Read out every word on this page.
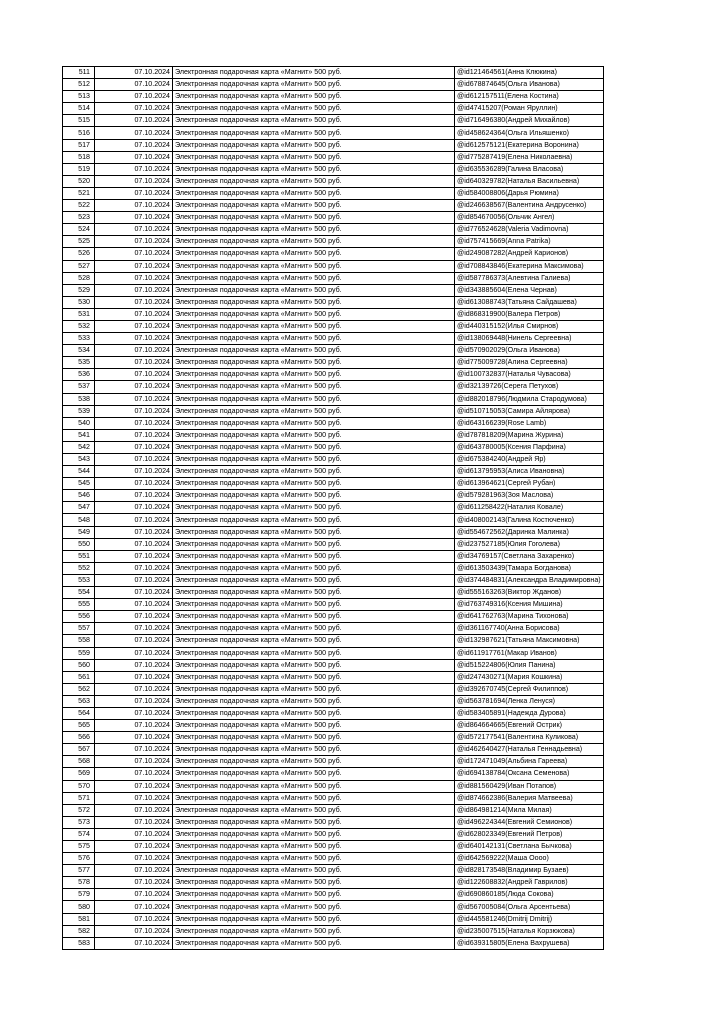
511	07.10.2024	Электронная подарочная карта «Магнит» 500 руб.	@id121464561(Анна Клюкина)
512	07.10.2024	Электронная подарочная карта «Магнит» 500 руб.	@id678874645(Ольга Иванова)
513	07.10.2024	Электронная подарочная карта «Магнит» 500 руб.	@id612157511(Елена Костина)
514	07.10.2024	Электронная подарочная карта «Магнит» 500 руб.	@id47415207(Роман Яруллин)
515	07.10.2024	Электронная подарочная карта «Магнит» 500 руб.	@id716496380(Андрей Михайлов)
516	07.10.2024	Электронная подарочная карта «Магнит» 500 руб.	@id458624364(Ольга Ильяшенко)
517	07.10.2024	Электронная подарочная карта «Магнит» 500 руб.	@id612575121(Екатерина Воронина)
518	07.10.2024	Электронная подарочная карта «Магнит» 500 руб.	@id775287419(Елена Николаевна)
519	07.10.2024	Электронная подарочная карта «Магнит» 500 руб.	@id635536289(Галина Власова)
520	07.10.2024	Электронная подарочная карта «Магнит» 500 руб.	@id640329782(Наталья Васильевна)
521	07.10.2024	Электронная подарочная карта «Магнит» 500 руб.	@id584008806(Дарья Рюмина)
522	07.10.2024	Электронная подарочная карта «Магнит» 500 руб.	@id246638567(Валентина Андрусенко)
523	07.10.2024	Электронная подарочная карта «Магнит» 500 руб.	@id854670056(Ольчик Ангел)
524	07.10.2024	Электронная подарочная карта «Магнит» 500 руб.	@id776524628(Valeria Vadimovna)
525	07.10.2024	Электронная подарочная карта «Магнит» 500 руб.	@id757415669(Anna Patrika)
526	07.10.2024	Электронная подарочная карта «Магнит» 500 руб.	@id249087282(Андрей Карионов)
527	07.10.2024	Электронная подарочная карта «Магнит» 500 руб.	@id708843846(Екатерина Максимова)
528	07.10.2024	Электронная подарочная карта «Магнит» 500 руб.	@id587786373(Алевтина Галиева)
529	07.10.2024	Электронная подарочная карта «Магнит» 500 руб.	@id343885604(Елена Чернав)
530	07.10.2024	Электронная подарочная карта «Магнит» 500 руб.	@id613088743(Татьяна Сайдашева)
531	07.10.2024	Электронная подарочная карта «Магнит» 500 руб.	@id868319900(Валера Петров)
532	07.10.2024	Электронная подарочная карта «Магнит» 500 руб.	@id440315152(Илья Смирнов)
533	07.10.2024	Электронная подарочная карта «Магнит» 500 руб.	@id138069448(Нинель Сергеевна)
534	07.10.2024	Электронная подарочная карта «Магнит» 500 руб.	@id570902029(Ольга Иванова)
535	07.10.2024	Электронная подарочная карта «Магнит» 500 руб.	@id775009728(Алина Сергеевна)
536	07.10.2024	Электронная подарочная карта «Магнит» 500 руб.	@id100732837(Наталья Чувасова)
537	07.10.2024	Электронная подарочная карта «Магнит» 500 руб.	@id32139726(Серега Петухов)
538	07.10.2024	Электронная подарочная карта «Магнит» 500 руб.	@id882018796(Людмила Стародумова)
539	07.10.2024	Электронная подарочная карта «Магнит» 500 руб.	@id510715053(Самира Айлярова)
540	07.10.2024	Электронная подарочная карта «Магнит» 500 руб.	@id643166239(Rose Lamb)
541	07.10.2024	Электронная подарочная карта «Магнит» 500 руб.	@id787818209(Марина Журина)
542	07.10.2024	Электронная подарочная карта «Магнит» 500 руб.	@id643780005(Ксения Парфина)
543	07.10.2024	Электронная подарочная карта «Магнит» 500 руб.	@id675384240(Андрей Яр)
544	07.10.2024	Электронная подарочная карта «Магнит» 500 руб.	@id613795953(Алиса Ивановна)
545	07.10.2024	Электронная подарочная карта «Магнит» 500 руб.	@id613964621(Сергей Рубан)
546	07.10.2024	Электронная подарочная карта «Магнит» 500 руб.	@id579281963(Зоя Маслова)
547	07.10.2024	Электронная подарочная карта «Магнит» 500 руб.	@id611258422(Наталия Ковале)
548	07.10.2024	Электронная подарочная карта «Магнит» 500 руб.	@id408002143(Галина Костюченко)
549	07.10.2024	Электронная подарочная карта «Магнит» 500 руб.	@id554672562(Даринка Малинка)
550	07.10.2024	Электронная подарочная карта «Магнит» 500 руб.	@id237527185(Юлия Гоголева)
551	07.10.2024	Электронная подарочная карта «Магнит» 500 руб.	@id34769157(Светлана Захаренко)
552	07.10.2024	Электронная подарочная карта «Магнит» 500 руб.	@id613503439(Тамара Богданова)
553	07.10.2024	Электронная подарочная карта «Магнит» 500 руб.	@id374484831(Александра Владимировна)
554	07.10.2024	Электронная подарочная карта «Магнит» 500 руб.	@id555163263(Виктор Жданов)
555	07.10.2024	Электронная подарочная карта «Магнит» 500 руб.	@id763749316(Ксения Мишина)
556	07.10.2024	Электронная подарочная карта «Магнит» 500 руб.	@id641762763(Марина Тихонова)
557	07.10.2024	Электронная подарочная карта «Магнит» 500 руб.	@id361167740(Анна Борисова)
558	07.10.2024	Электронная подарочная карта «Магнит» 500 руб.	@id132987621(Татьяна Максимовна)
559	07.10.2024	Электронная подарочная карта «Магнит» 500 руб.	@id611917761(Макар Иванов)
560	07.10.2024	Электронная подарочная карта «Магнит» 500 руб.	@id515224806(Юлия Панина)
561	07.10.2024	Электронная подарочная карта «Магнит» 500 руб.	@id247430271(Мария Кошкина)
562	07.10.2024	Электронная подарочная карта «Магнит» 500 руб.	@id392670745(Сергей Филиппов)
563	07.10.2024	Электронная подарочная карта «Магнит» 500 руб.	@id563781694(Ленка Ленуся)
564	07.10.2024	Электронная подарочная карта «Магнит» 500 руб.	@id583405891(Надежда Дурова)
565	07.10.2024	Электронная подарочная карта «Магнит» 500 руб.	@id864664665(Евгений Острик)
566	07.10.2024	Электронная подарочная карта «Магнит» 500 руб.	@id572177541(Валентина Куликова)
567	07.10.2024	Электронная подарочная карта «Магнит» 500 руб.	@id462640427(Наталья Геннадьевна)
568	07.10.2024	Электронная подарочная карта «Магнит» 500 руб.	@id172471049(Альбина Гареева)
569	07.10.2024	Электронная подарочная карта «Магнит» 500 руб.	@id694138784(Оксана Семенова)
570	07.10.2024	Электронная подарочная карта «Магнит» 500 руб.	@id881560429(Иван Потапов)
571	07.10.2024	Электронная подарочная карта «Магнит» 500 руб.	@id874662386(Валерия Матвеева)
572	07.10.2024	Электронная подарочная карта «Магнит» 500 руб.	@id864981214(Мила Милая)
573	07.10.2024	Электронная подарочная карта «Магнит» 500 руб.	@id496224344(Евгений Семионов)
574	07.10.2024	Электронная подарочная карта «Магнит» 500 руб.	@id628023349(Евгений Петров)
575	07.10.2024	Электронная подарочная карта «Магнит» 500 руб.	@id640142131(Светлана Бычкова)
576	07.10.2024	Электронная подарочная карта «Магнит» 500 руб.	@id642569222(Маша Оооо)
577	07.10.2024	Электронная подарочная карта «Магнит» 500 руб.	@id828173548(Владимир Бузаев)
578	07.10.2024	Электронная подарочная карта «Магнит» 500 руб.	@id122608832(Андрей Гаврилов)
579	07.10.2024	Электронная подарочная карта «Магнит» 500 руб.	@id690860185(Люда Сокова)
580	07.10.2024	Электронная подарочная карта «Магнит» 500 руб.	@id567005084(Ольга Арсентьева)
581	07.10.2024	Электронная подарочная карта «Магнит» 500 руб.	@id445581246(Dmitrij Dmitrij)
582	07.10.2024	Электронная подарочная карта «Магнит» 500 руб.	@id235007515(Наталья Корзюкова)
583	07.10.2024	Электронная подарочная карта «Магнит» 500 руб.	@id639315805(Елена Вахрушева)
